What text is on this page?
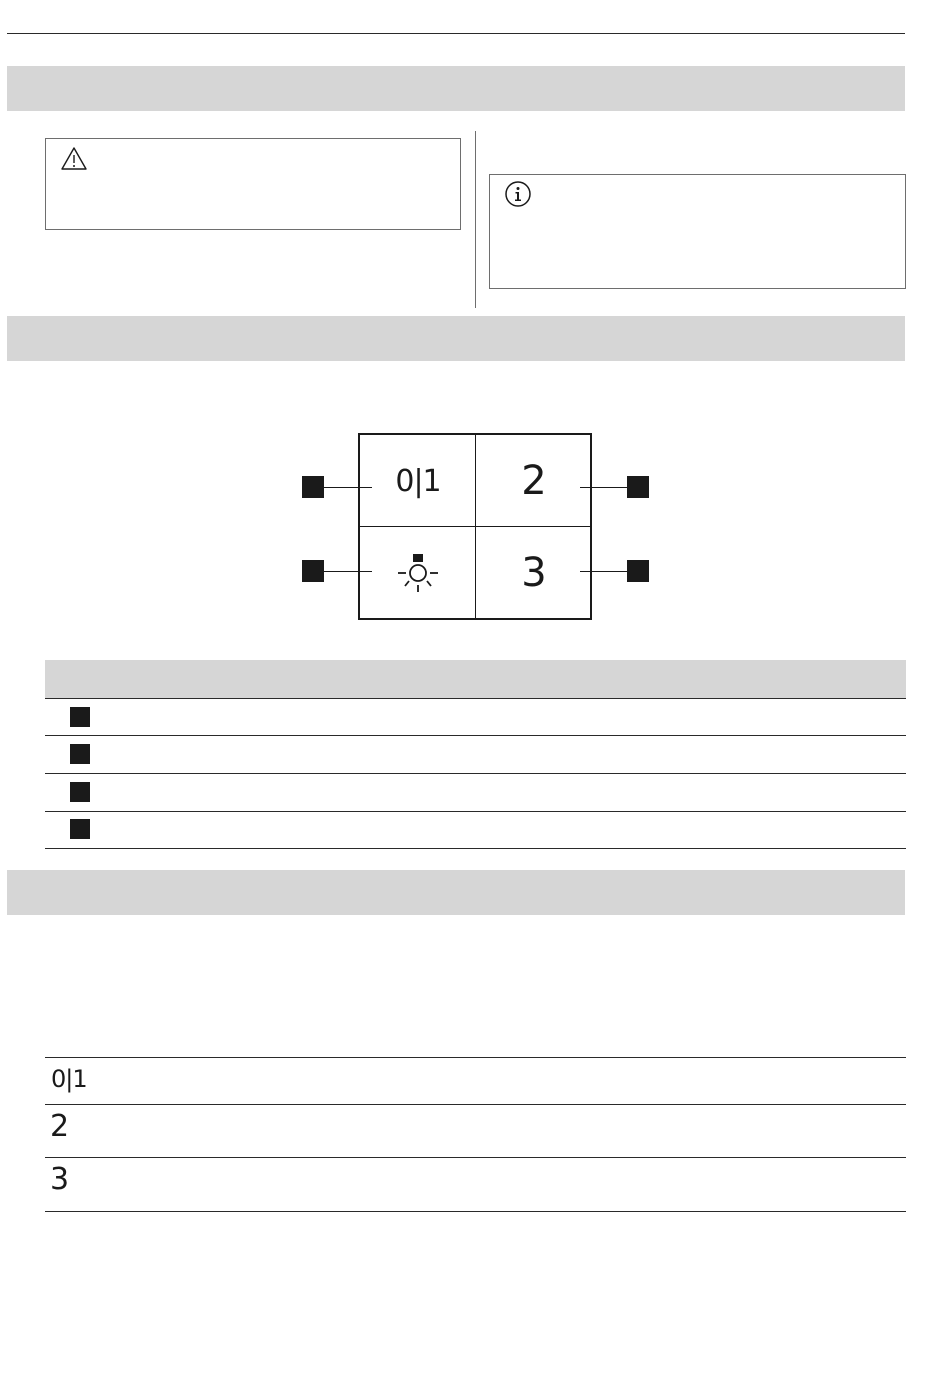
0|1 2
3
0|1
2
3
